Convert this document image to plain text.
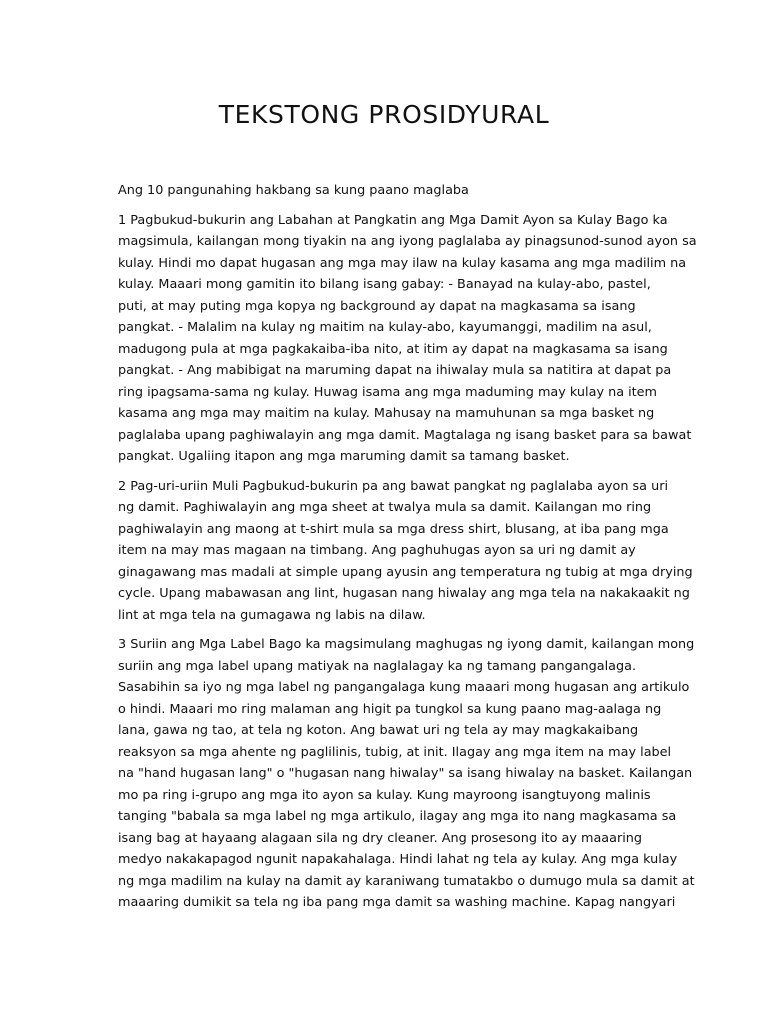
TEKSTONG PROSIDYURAL

Ang 10 pangunahing hakbang sa kung paano maglaba

1 Pagbukud-bukurin ang Labahan at Pangkatin ang Mga Damit Ayon sa Kulay Bago ka
magsimula, kailangan mong tiyakin na ang iyong paglalaba ay pinagsunod-sunod ayon sa
kulay. Hindi mo dapat hugasan ang mga may ilaw na kulay kasama ang mga madilim na
kulay. Maaari mong gamitin ito bilang isang gabay: - Banayad na kulay-abo, pastel,
puti, at may puting mga kopya ng background ay dapat na magkasama sa isang
pangkat. - Malalim na kulay ng maitim na kulay-abo, kayumanggi, madilim na asul,
madugong pula at mga pagkakaiba-iba nito, at itim ay dapat na magkasama sa isang
pangkat. - Ang mabibigat na maruming dapat na ihiwalay mula sa natitira at dapat pa
ring ipagsama-sama ng kulay. Huwag isama ang mga maduming may kulay na item
kasama ang mga may maitim na kulay. Mahusay na mamuhunan sa mga basket ng
paglalaba upang paghiwalayin ang mga damit. Magtalaga ng isang basket para sa bawat
pangkat. Ugaliing itapon ang mga maruming damit sa tamang basket.
2 Pag-uri-uriin Muli Pagbukud-bukurin pa ang bawat pangkat ng paglalaba ayon sa uri
ng damit. Paghiwalayin ang mga sheet at twalya mula sa damit. Kailangan mo ring
paghiwalayin ang maong at t-shirt mula sa mga dress shirt, blusang, at iba pang mga
item na may mas magaan na timbang. Ang paghuhugas ayon sa uri ng damit ay
ginagawang mas madali at simple upang ayusin ang temperatura ng tubig at mga drying
cycle. Upang mabawasan ang lint, hugasan nang hiwalay ang mga tela na nakakaakit ng
lint at mga tela na gumagawa ng labis na dilaw.
3 Suriin ang Mga Label Bago ka magsimulang maghugas ng iyong damit, kailangan mong
suriin ang mga label upang matiyak na naglalagay ka ng tamang pangangalaga.
Sasabihin sa iyo ng mga label ng pangangalaga kung maaari mong hugasan ang artikulo
o hindi. Maaari mo ring malaman ang higit pa tungkol sa kung paano mag-aalaga ng
lana, gawa ng tao, at tela ng koton. Ang bawat uri ng tela ay may magkakaibang
reaksyon sa mga ahente ng paglilinis, tubig, at init. Ilagay ang mga item na may label
na "hand hugasan lang" o "hugasan nang hiwalay" sa isang hiwalay na basket. Kailangan
mo pa ring i-grupo ang mga ito ayon sa kulay. Kung mayroong isangtuyong malinis
tanging "babala sa mga label ng mga artikulo, ilagay ang mga ito nang magkasama sa
isang bag at hayaang alagaan sila ng dry cleaner. Ang prosesong ito ay maaaring
medyo nakakapagod ngunit napakahalaga. Hindi lahat ng tela ay kulay. Ang mga kulay
ng mga madilim na kulay na damit ay karaniwang tumatakbo o dumugo mula sa damit at
maaaring dumikit sa tela ng iba pang mga damit sa washing machine. Kapag nangyari
